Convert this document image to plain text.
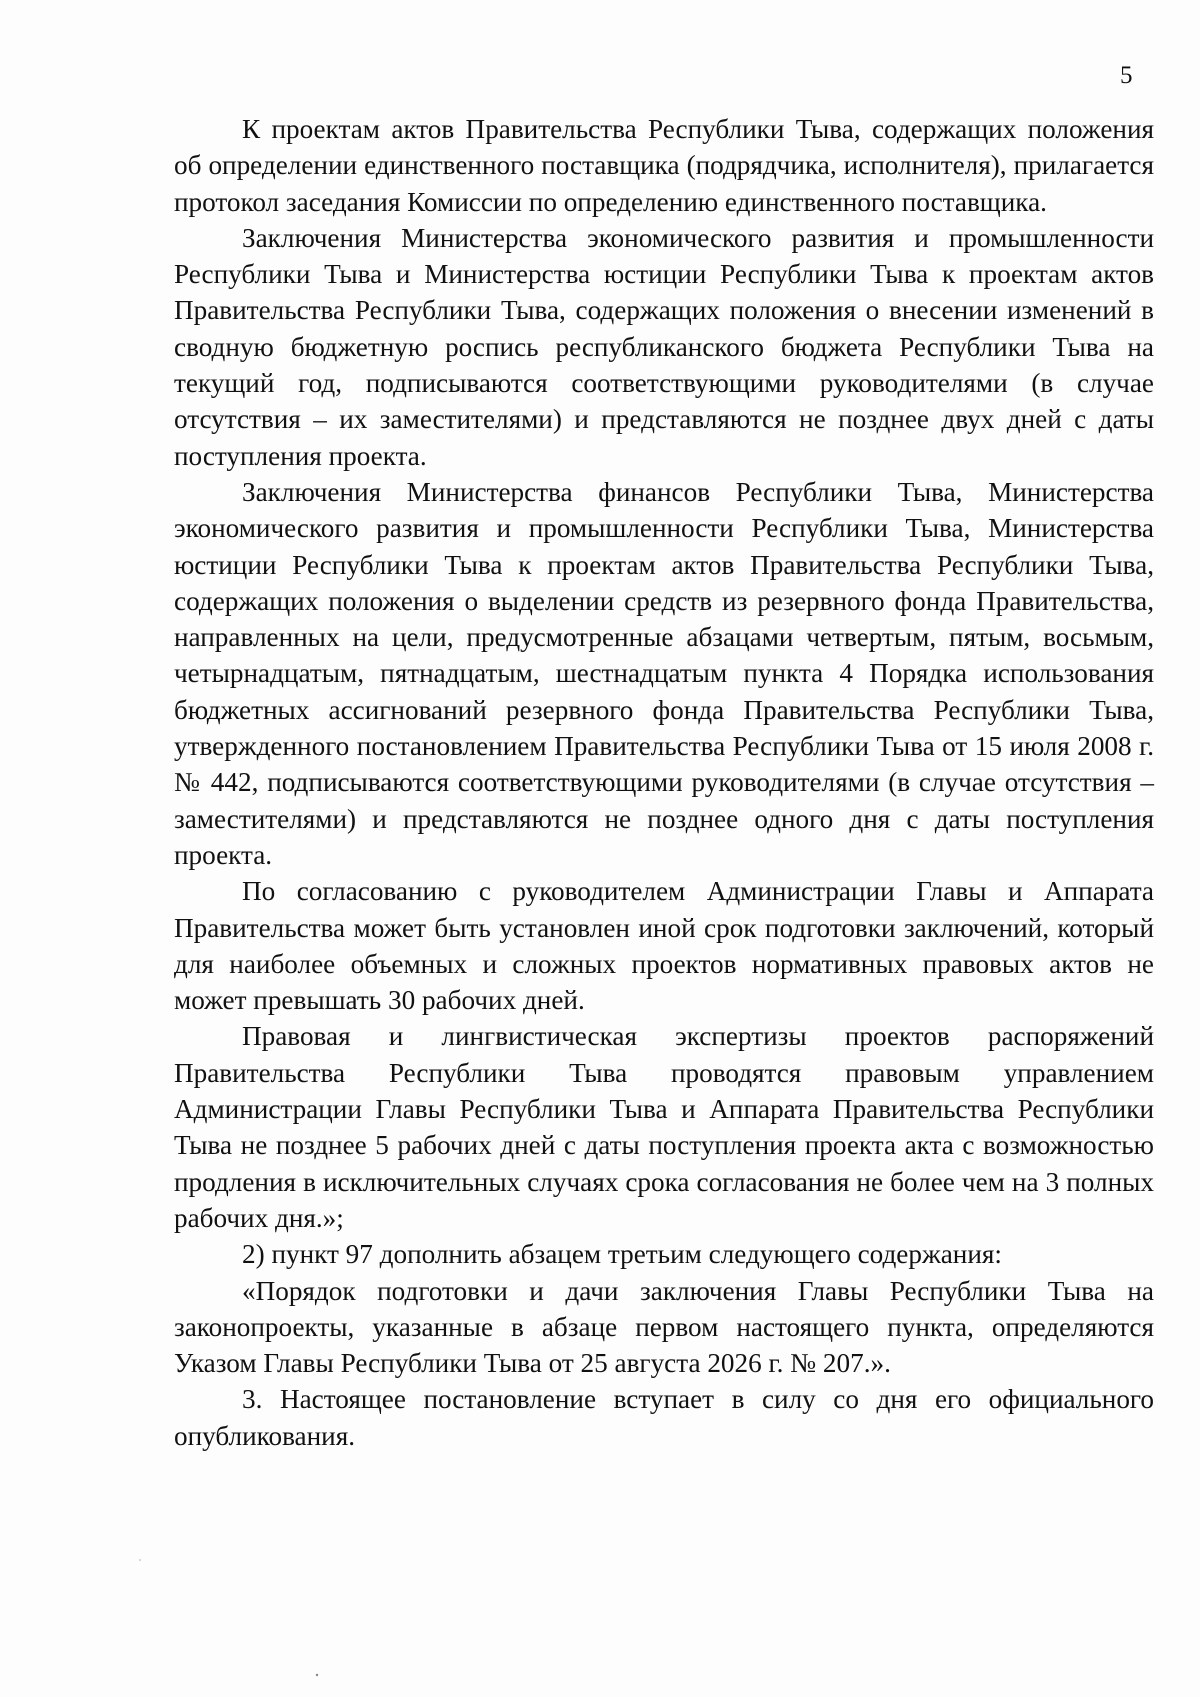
5

К проектам актов Правительства Республики Тыва, содержащих положения об определении единственного поставщика (подрядчика, исполнителя), прилагается протокол заседания Комиссии по определению единственного поставщика.

Заключения Министерства экономического развития и промышленности Республики Тыва и Министерства юстиции Республики Тыва к проектам актов Правительства Республики Тыва, содержащих положения о внесении изменений в сводную бюджетную роспись республиканского бюджета Республики Тыва на текущий год, подписываются соответствующими руководителями (в случае отсутствия – их заместителями) и представляются не позднее двух дней с даты поступления проекта.

Заключения Министерства финансов Республики Тыва, Министерства экономического развития и промышленности Республики Тыва, Министерства юстиции Республики Тыва к проектам актов Правительства Республики Тыва, содержащих положения о выделении средств из резервного фонда Правительства, направленных на цели, предусмотренные абзацами четвертым, пятым, восьмым, четырнадцатым, пятнадцатым, шестнадцатым пункта 4 Порядка использования бюджетных ассигнований резервного фонда Правительства Республики Тыва, утвержденного постановлением Правительства Республики Тыва от 15 июля 2008 г. № 442, подписываются соответствующими руководителями (в случае отсутствия – заместителями) и представляются не позднее одного дня с даты поступления проекта.

По согласованию с руководителем Администрации Главы и Аппарата Правительства может быть установлен иной срок подготовки заключений, который для наиболее объемных и сложных проектов нормативных правовых актов не может превышать 30 рабочих дней.

Правовая и лингвистическая экспертизы проектов распоряжений Правительства Республики Тыва проводятся правовым управлением Администрации Главы Республики Тыва и Аппарата Правительства Республики Тыва не позднее 5 рабочих дней с даты поступления проекта акта с возможностью продления в исключительных случаях срока согласования не более чем на 3 полных рабочих дня.»;

2) пункт 97 дополнить абзацем третьим следующего содержания:

«Порядок подготовки и дачи заключения Главы Республики Тыва на законопроекты, указанные в абзаце первом настоящего пункта, определяются Указом Главы Республики Тыва от 25 августа 2026 г. № 207.».

3. Настоящее постановление вступает в силу со дня его официального опубликования.
